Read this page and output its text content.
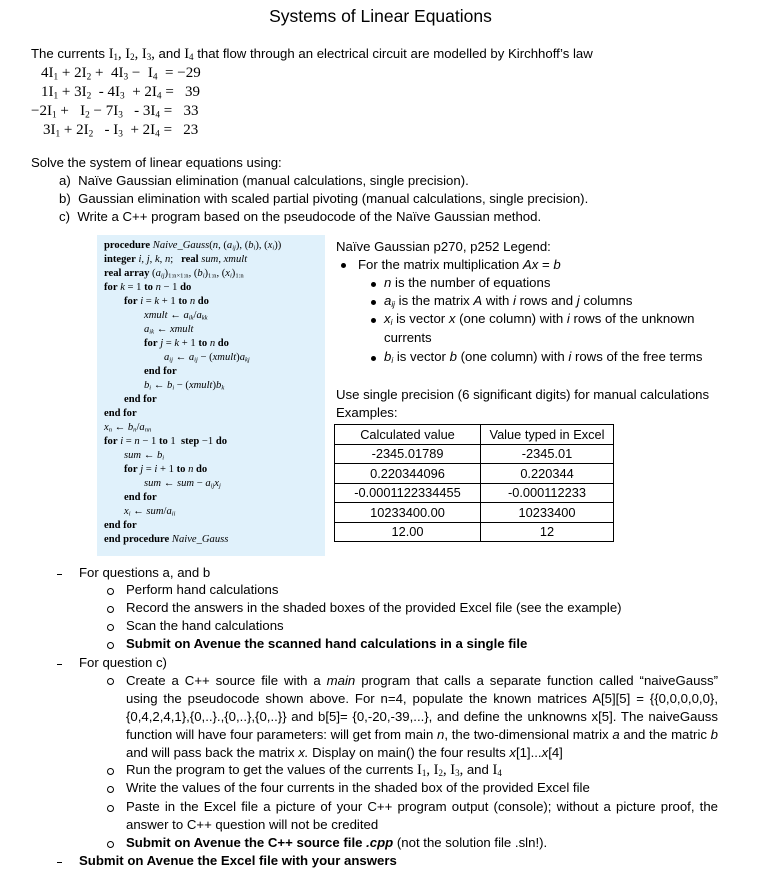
Systems of Linear Equations
The currents $I_1$, $I_2$, $I_3$, and $I_4$ that flow through an electrical circuit are modelled by Kirchhoff’s law
$4I_1 + 2I_2 + 4I_3 - I_4 = -29$
$1I_1 + 3I_2 - 4I_3 + 2I_4 = 39$
$-2I_1 + I_2 - 7I_3 - 3I_4 = 33$
$3I_1 + 2I_2 - I_3 + 2I_4 = 23$
Solve the system of linear equations using:
a) Naïve Gaussian elimination (manual calculations, single precision).
b) Gaussian elimination with scaled partial pivoting (manual calculations, single precision).
c) Write a C++ program based on the pseudocode of the Naïve Gaussian method.
procedure Naive_Gauss(n, $(a_{ij})$, $(b_i)$, $(x_i)$)
integer i, j, k, n;   real sum, xmult
real array $(a_{ij})_{1:n\times 1:n}$, $(b_i)_{1:n}$, $(x_i)_{1:n}$
for k = 1 to n − 1 do
for i = k + 1 to n do
xmult ← $a_{ik}/a_{kk}$
$a_{ik}$ ← xmult
for j = k + 1 to n do
$a_{ij}$ ← $a_{ij}$ − $(xmult)a_{kj}$
end for
$b_i$ ← $b_i$ − $(xmult)b_k$
end for
end for
$x_n$ ← $b_n/a_{nn}$
for i = n − 1 to 1  step −1 do
sum ← $b_i$
for j = i + 1 to n do
sum ← sum − $a_{ij}x_j$
end for
$x_i$ ← sum/$a_{ii}$
end for
end procedure Naive_Gauss
Naïve Gaussian p270, p252 Legend:
For the matrix multiplication Ax = b
n is the number of equations
$a_{ij}$ is the matrix A with i rows and j columns
$x_i$ is vector x (one column) with i rows of the unknown
currents
$b_i$ is vector b (one column) with i rows of the free terms
Use single precision (6 significant digits) for manual calculations
Examples:
Calculated value	Value typed in Excel
-2345.01789	-2345.01
0.220344096	0.220344
-0.0001122334455	-0.000112233
10233400.00	10233400
12.00	12
For questions a, and b
Perform hand calculations
Record the answers in the shaded boxes of the provided Excel file (see the example)
Scan the hand calculations
Submit on Avenue the scanned hand calculations in a single file
For question c)
Create a C++ source file with a main program that calls a separate function called “naiveGauss” using the pseudocode shown above. For n=4, populate the known matrices A[5][5] = {{0,0,0,0,0}, {0,4,2,4,1},{0,..}.,{0,..},{0,..}} and b[5]= {0,-20,-39,...}, and define the unknowns x[5]. The naiveGauss function will have four parameters: will get from main n, the two-dimensional matrix a and the matric b and will pass back the matrix x. Display on main() the four results x[1]...x[4]
Run the program to get the values of the currents $I_1$, $I_2$, $I_3$, and $I_4$
Write the values of the four currents in the shaded box of the provided Excel file
Paste in the Excel file a picture of your C++ program output (console); without a picture proof, the answer to C++ question will not be credited
Submit on Avenue the C++ source file .cpp (not the solution file .sln!).
Submit on Avenue the Excel file with your answers
